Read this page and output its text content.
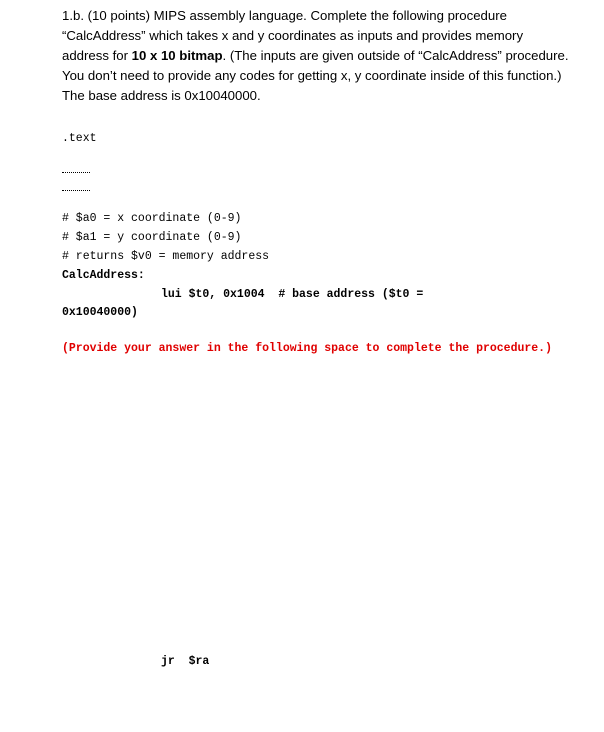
1.b. (10 points) MIPS assembly language. Complete the following procedure “CalcAddress” which takes x and y coordinates as inputs and provides memory address for 10 x 10 bitmap. (The inputs are given outside of “CalcAddress” procedure. You don’t need to provide any codes for getting x, y coordinate inside of this function.) The base address is 0x10040000.

.text
# $a0 = x coordinate (0-9)
# $a1 = y coordinate (0-9)
# returns $v0 = memory address
CalcAddress:
lui $t0, 0x1004  # base address ($t0 =
0x10040000)
(Provide your answer in the following space to complete the procedure.)
jr  $ra
